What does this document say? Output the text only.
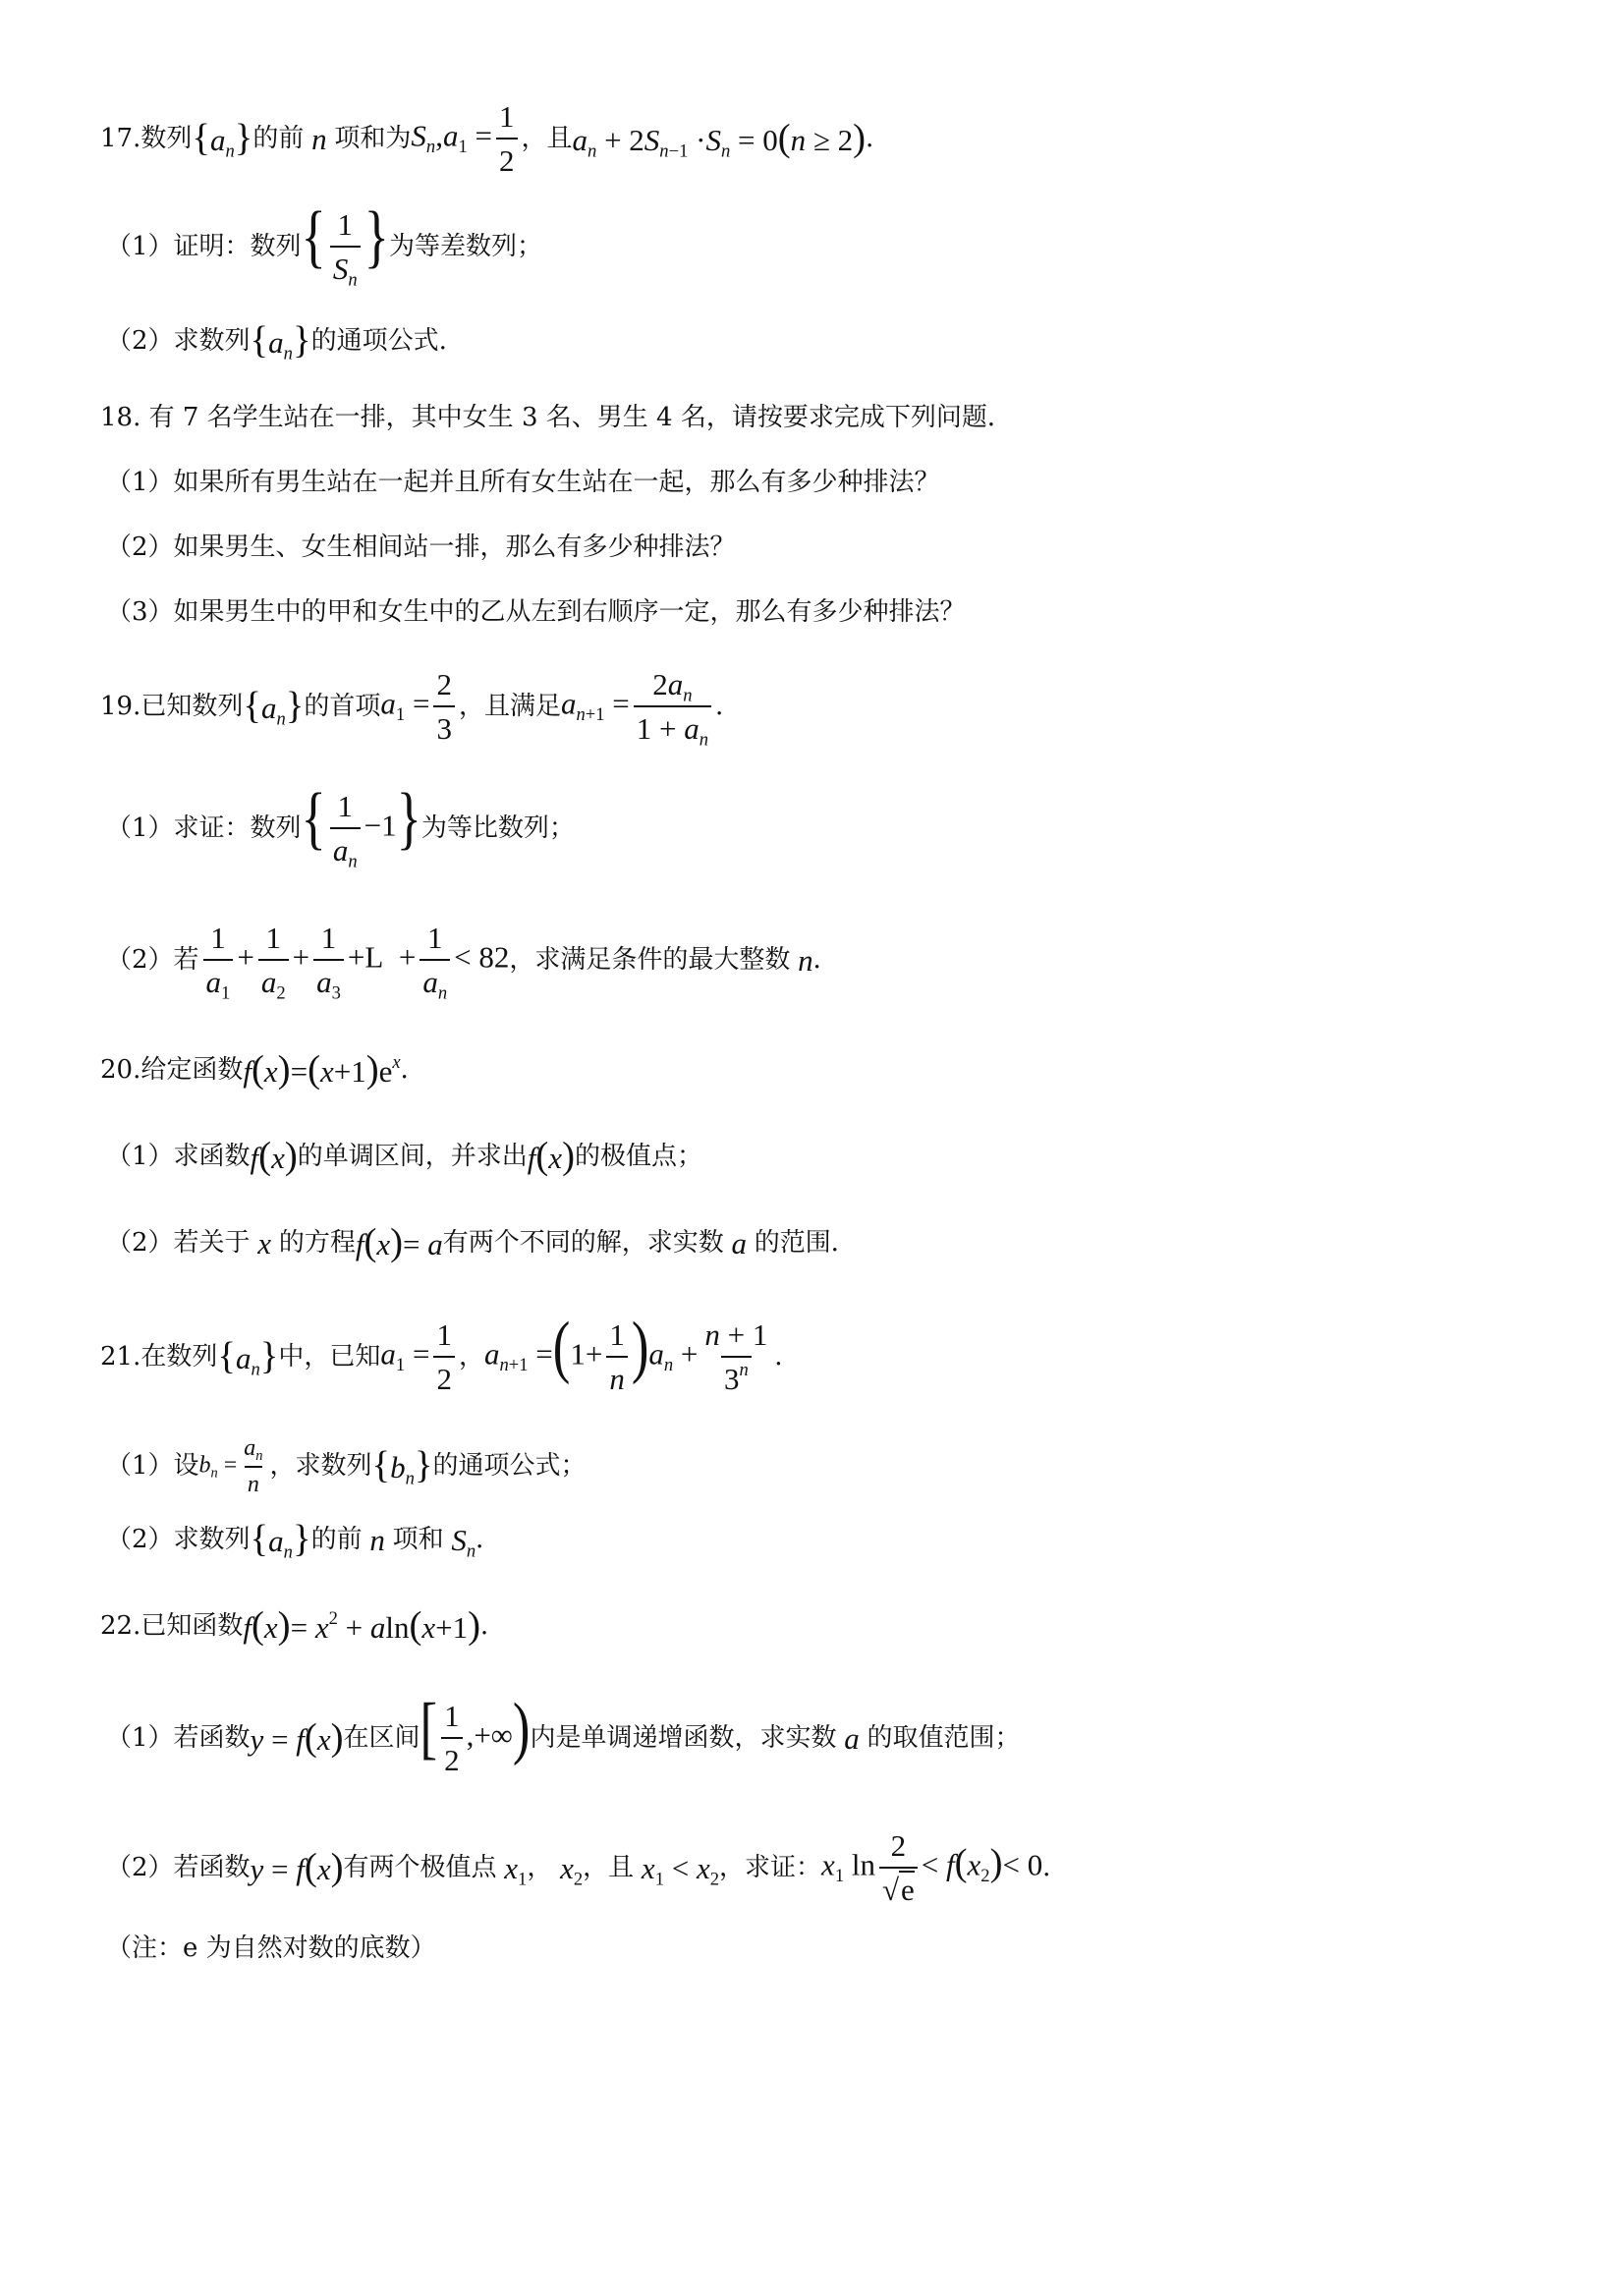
17. 数列 $\{a_n\}$ 的前 n 项和为 $S_n,a_1 = \frac{1}{2}$ ，且 $a_n + 2S_{n-1} \cdot S_n = 0(n \ge 2)$ ．
（1）证明：数列 { $\frac{1}{S_n}$ } 为等差数列；
（2）求数列 $\{a_n\}$ 的通项公式.
18. 有 7 名学生站在一排，其中女生 3 名、男生 4 名，请按要求完成下列问题．
（1）如果所有男生站在一起并且所有女生站在一起，那么有多少种排法？
（2）如果男生、女生相间站一排，那么有多少种排法？
（3）如果男生中的甲和女生中的乙从左到右顺序一定，那么有多少种排法？
19. 已知数列 $\{a_n\}$ 的首项 $a_1 = \frac{2}{3}$ ，且满足 $a_{n+1} = \frac{2a_n}{1 + a_n}$ ．
（1）求证：数列 { $\frac{1}{a_n} -1$} 为等比数列；
（2）若 $\frac{1}{a_1} + \frac{1}{a_2} + \frac{1}{a_3} +L + \frac{1}{a_n} < 82$ ，求满足条件的最大整数 n ．
20. 给定函数 $f(x)=(x+1)e^x$ ．
（1）求函数 f(x) 的单调区间，并求出 f(x) 的极值点；
（2）若关于 x 的方程 f(x)= a 有两个不同的解，求实数 a 的范围．
21. 在数列 $\{a_n\}$ 中，已知 $a_1 = \frac{1}{2}$ ， $a_{n+1} =(1+ \frac{1}{n} )a_n + \frac{n + 1}{3^n}$ ．
（1）设 $b_n = \frac{a_n}{n}$ ，求数列 $\{b_n\}$ 的通项公式；
（2）求数列 $\{a_n\}$ 的前 n 项和 $S_n$ ．
22. 已知函数 $f(x)= x^2 + aln(x+1)$ ．
（1）若函数 y = f(x) 在区间 [ $\frac{1}{2}$ ,+∞) 内是单调递增函数，求实数 a 的取值范围；
（2）若函数 y = f(x) 有两个极值点 $x_1$ ， $x_2$ ，且 $x_1 < x_2$ ，求证： $x_1$ $\ln \frac{2}{√e} < f(x_2)< 0$ ．
（注：e 为自然对数的底数）
